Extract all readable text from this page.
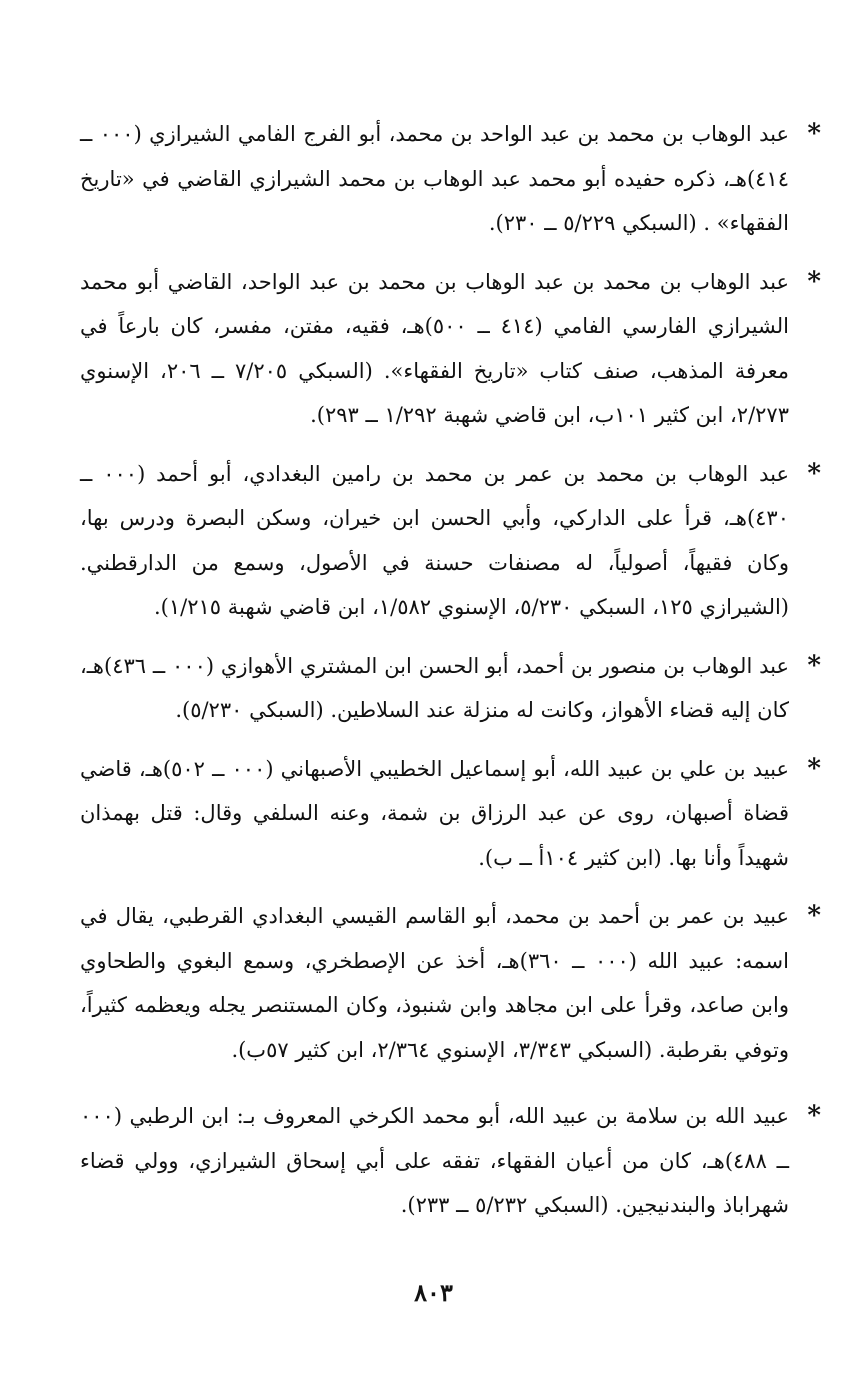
*
عبد الوهاب بن محمد بن عبد الواحد بن محمد، أبو الفرج الفامي الشيرازي (٠٠٠ ــ ٤١٤)هـ، ذكره حفيده أبو محمد عبد الوهاب بن محمد الشيرازي القاضي في «تاريخ الفقهاء» . (السبكي ٥/٢٢٩ ــ ٢٣٠).
*
عبد الوهاب بن محمد بن عبد الوهاب بن محمد بن عبد الواحد، القاضي أبو محمد الشيرازي الفارسي الفامي (٤١٤ ــ ٥٠٠)هـ، فقيه، مفتن، مفسر، كان بارعاً في معرفة المذهب، صنف كتاب «تاريخ الفقهاء». (السبكي ٧/٢٠٥ ــ ٢٠٦، الإسنوي ٢/٢٧٣، ابن كثير ١٠١ب، ابن قاضي شهبة ١/٢٩٢ ــ ٢٩٣).
*
عبد الوهاب بن محمد بن عمر بن محمد بن رامين البغدادي، أبو أحمد (٠٠٠ ــ ٤٣٠)هـ، قرأ على الداركي، وأبي الحسن ابن خيران، وسكن البصرة ودرس بها، وكان فقيهاً، أصولياً، له مصنفات حسنة في الأصول، وسمع من الدارقطني. (الشيرازي ١٢٥، السبكي ٥/٢٣٠، الإسنوي ١/٥٨٢، ابن قاضي شهبة ١/٢١٥).
*
عبد الوهاب بن منصور بن أحمد، أبو الحسن ابن المشتري الأهوازي (٠٠٠ ــ ٤٣٦)هـ، كان إليه قضاء الأهواز، وكانت له منزلة عند السلاطين. (السبكي ٥/٢٣٠).
*
عبيد بن علي بن عبيد الله، أبو إسماعيل الخطيبي الأصبهاني (٠٠٠ ــ ٥٠٢)هـ، قاضي قضاة أصبهان، روى عن عبد الرزاق بن شمة، وعنه السلفي وقال: قتل بهمذان شهيداً وأنا بها. (ابن كثير ١٠٤أ ــ ب).
*
عبيد بن عمر بن أحمد بن محمد، أبو القاسم القيسي البغدادي القرطبي، يقال في اسمه: عبيد الله (٠٠٠ ــ ٣٦٠)هـ، أخذ عن الإصطخري، وسمع البغوي والطحاوي وابن صاعد، وقرأ على ابن مجاهد وابن شنبوذ، وكان المستنصر يجله ويعظمه كثيراً، وتوفي بقرطبة. (السبكي ٣/٣٤٣، الإسنوي ٢/٣٦٤، ابن كثير ٥٧ب).
*
عبيد الله بن سلامة بن عبيد الله، أبو محمد الكرخي المعروف بـ: ابن الرطبي (٠٠٠ ــ ٤٨٨)هـ، كان من أعيان الفقهاء، تفقه على أبي إسحاق الشيرازي، وولي قضاء شهراباذ والبندنيجين. (السبكي ٥/٢٣٢ ــ ٢٣٣).
٨٠٣
